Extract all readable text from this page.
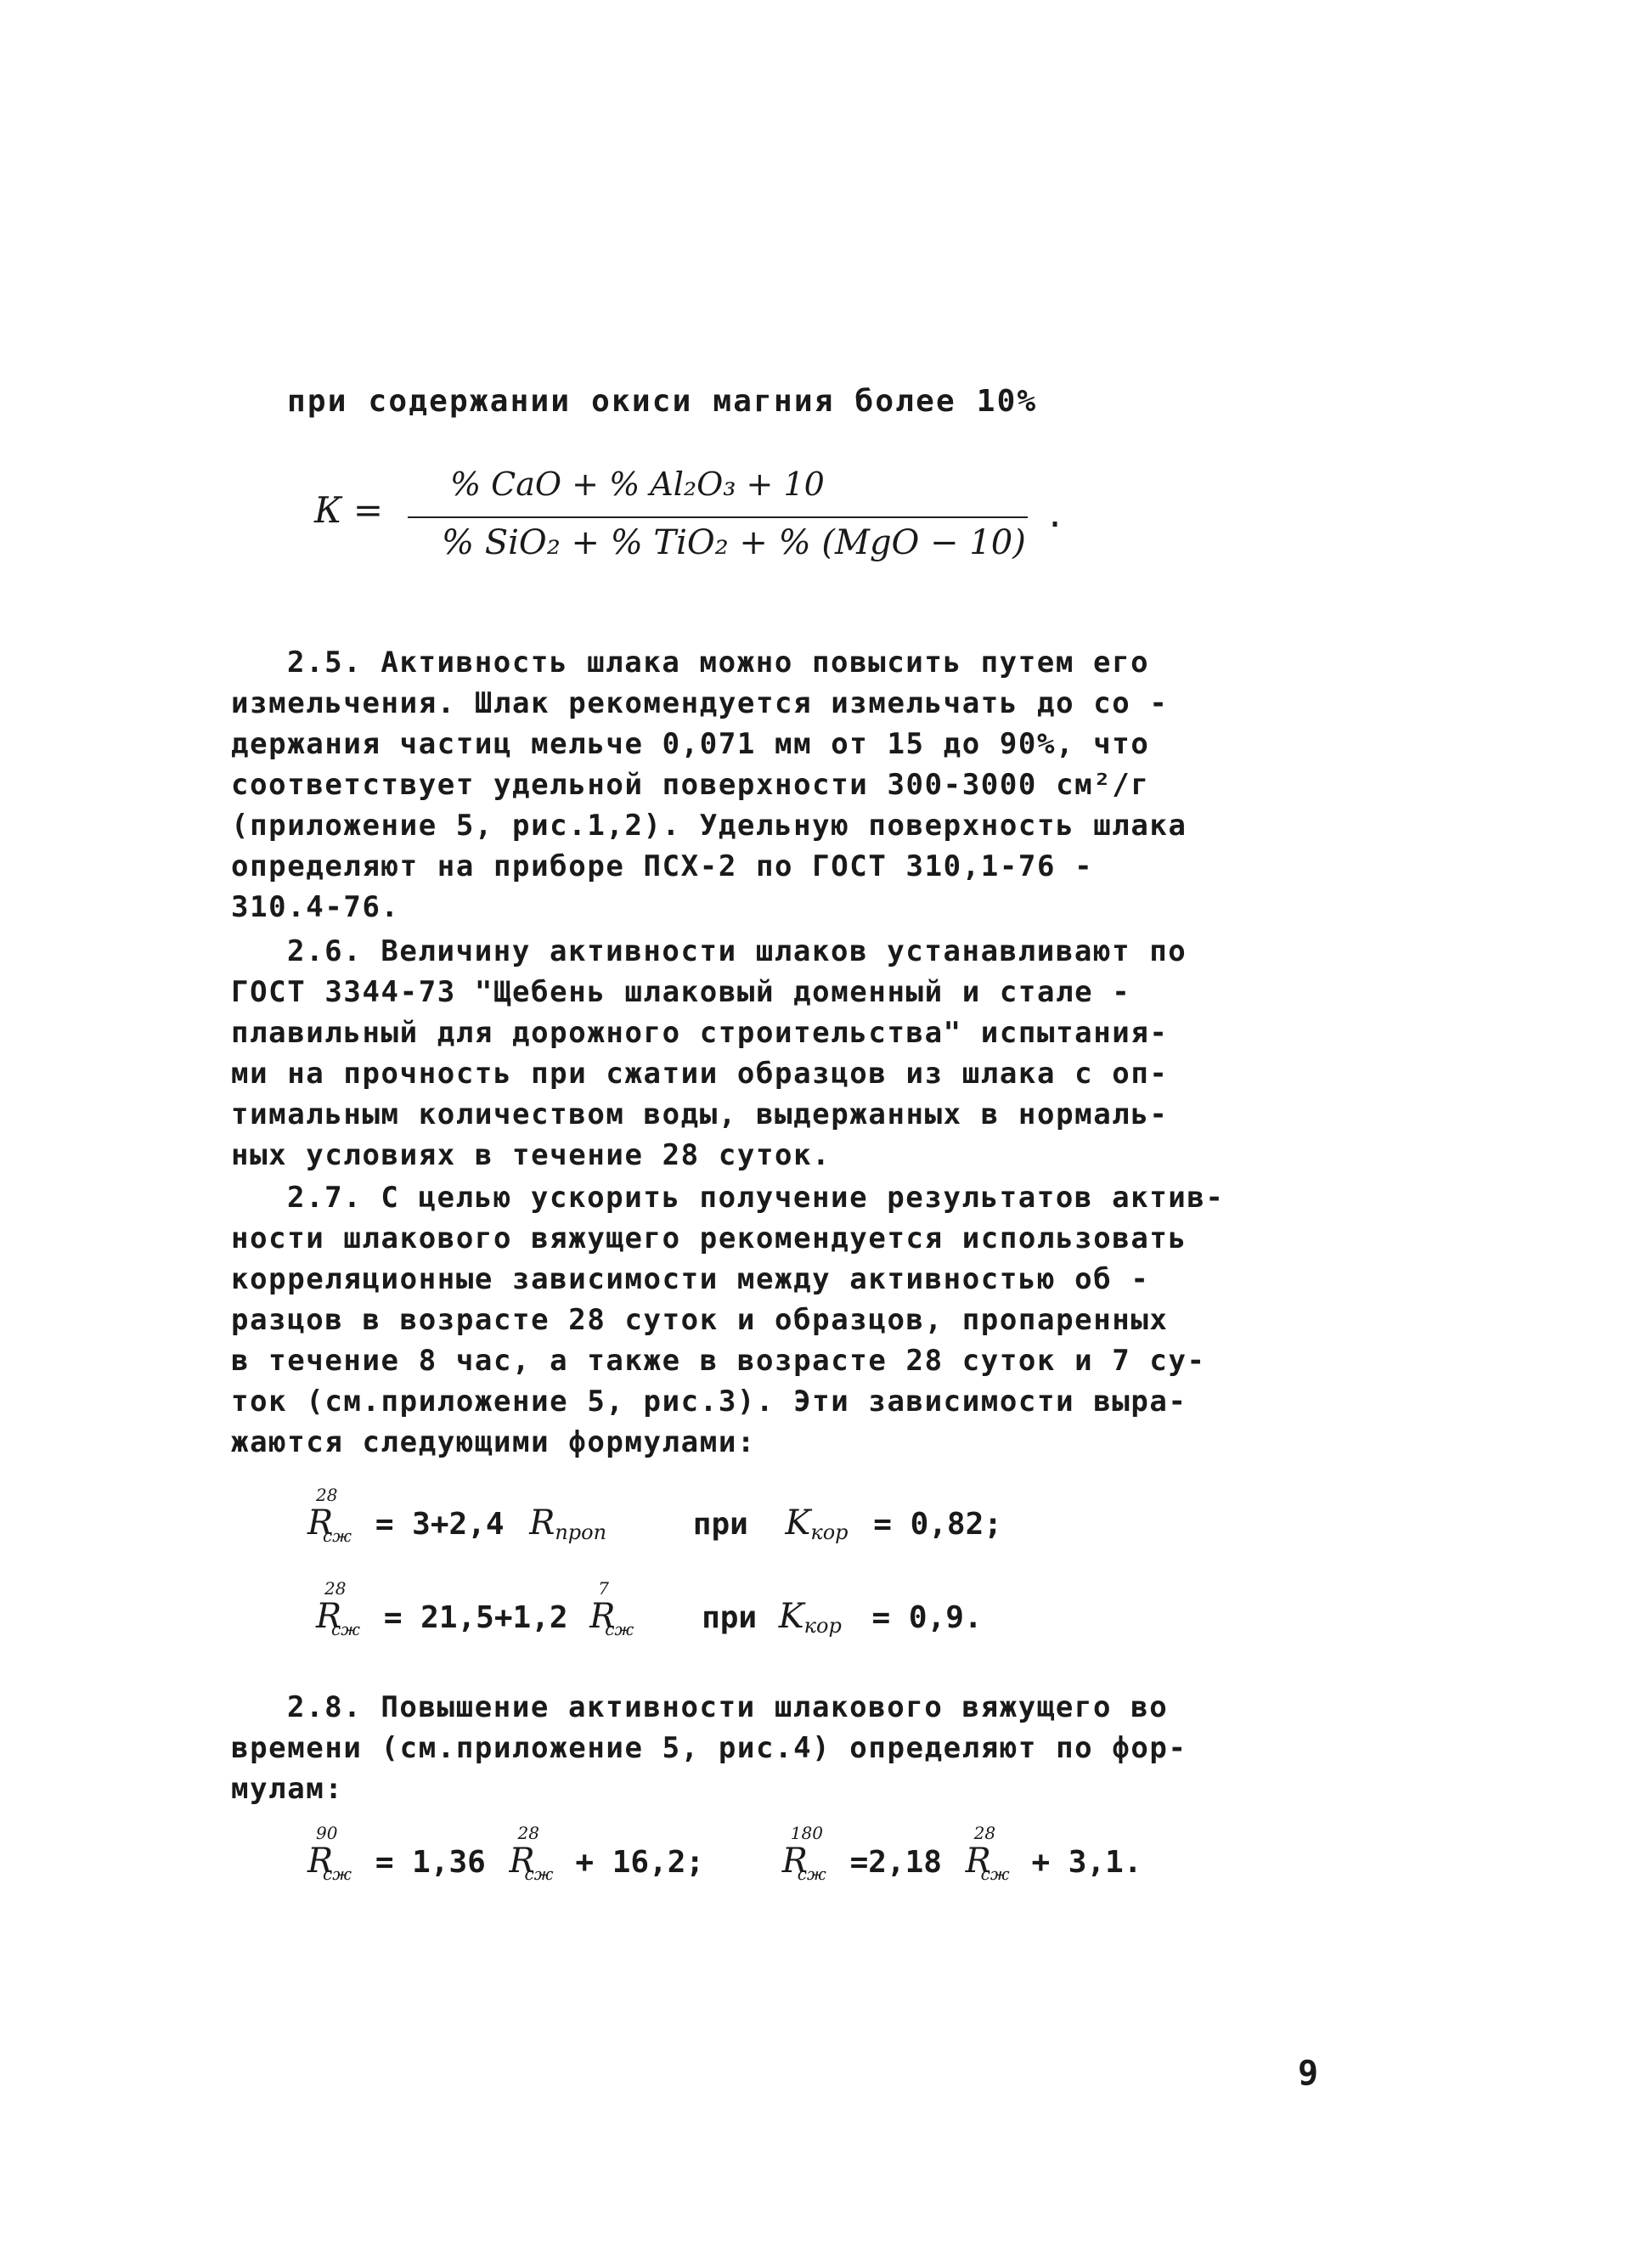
при содержании окиси магния более 10%
К =
% CaO + % Al₂O₃ + 10
% SiO₂ + % TiO₂ + % (MgO − 10)
.
2.5. Активность шлака можно повысить путем его
измельчения. Шлак рекомендуется измельчать до со -
держания частиц мельче 0,071 мм от 15 до 90%, что
соответствует удельной поверхности 300-3000 см²/г
(приложение 5, рис.1,2). Удельную поверхность шлака
определяют на приборе ПСХ-2 по ГОСТ 310,1-76 -
310.4-76.
2.6. Величину активности шлаков устанавливают по
ГОСТ 3344-73 "Щебень шлаковый доменный и стале -
плавильный для дорожного строительства" испытания-
ми на прочность при сжатии образцов из шлака с оп-
тимальным количеством воды, выдержанных в нормаль-
ных условиях в течение 28 суток.
2.7. С целью ускорить получение результатов актив-
ности шлакового вяжущего рекомендуется использовать
корреляционные зависимости между активностью об -
разцов в возрасте 28 суток и образцов, пропаренных
в течение 8 час, а также в возрасте 28 суток и 7 су-
ток (см.приложение 5, рис.3). Эти зависимости выра-
жаются следующими формулами:
R
28
сж = 3+2,4 Rпроп	при Kкор = 0,82;
R
28
сж = 21,5+1,2 R
7
сж при Kкор = 0,9.
2.8. Повышение активности шлакового вяжущего во
времени (см.приложение 5, рис.4) определяют по фор-
мулам:
R
90
сж = 1,36 R
28
сж + 16,2; R
180
сж =2,18 R
28
сж + 3,1.
9
